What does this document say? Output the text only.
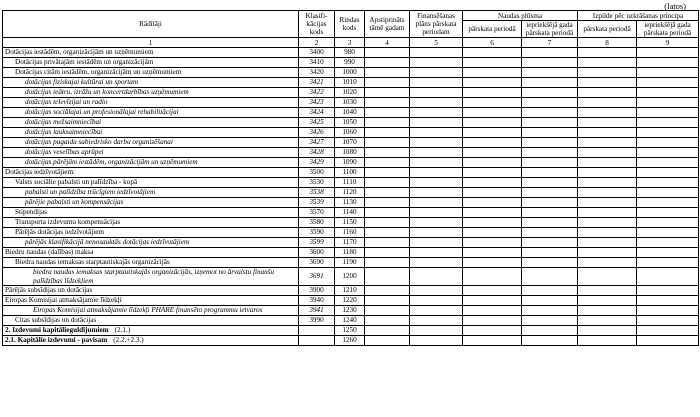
(latos)
Rādītāji	Klasifi-kācijas kods	Rindas kods	Apstiprināts tāmē gadam	Finansēšanas plāns pārskata periodam	Naudas plūsma		Izpilde pēc uzkrāšanas principa	
					pārskata periodā	iepriekšējā gada pārskata periodā	pārskata periodā	iepriekšējā gada pārskata periodā
1	2	3	4	5	6	7	8	9
Dotācijas iestādēm, organizācijām un uzņēmumiem	3400	980						
Dotācijas privātajām iestādēm un organizācijām	3410	990						
Dotācijas citām iestādēm, organizācijām un uzņēmumiem	3420	1000						
dotācijas fiziskajai kultūrai un sportam	3421	1010						
dotācijas teātru, izrāžu un koncertdarbības uzņēmumiem	3422	1020						
dotācijas televīzijai un radio	3423	1030						
dotācijas sociālajai un profesionālajai rehabilitācijai	3424	1040						
dotācijas mežsaimniecībai	3425	1050						
dotācijas lauksaimniecībai	3426	1060						
dotācijas pagaidu sabiedrisko darbu organizēšanai	3427	1070						
dotācijas veselības aprūpei	3428	1080						
dotācijas pārējām iestādēm, organizācijām un uzņēmumiem	3429	1090						
Dotācijas iedzīvotājiem:	3500	1100						
Valsts sociālie pabalsti un palīdzība - kopā	3530	1110						
pabalsti un palīdzība trūcīgiem iedzīvotājiem	3538	1120						
pārējie pabalsti un kompensācijas	3539	1130						
Stipendijas	3570	1140						
Transporta izdevumu kompensācijas	3580	1150						
Pārējās dotācijas iedzīvotājiem	3590	1160						
pārējās klasifikācijā nenosauktās dotācijas iedzīvotājiem	3599	1170						
Biedru naudas (dalības) maksa	3600	1180						
Biedra naudas iemaksas starptautiskajās organizācijās	3690	1190						
biedra naudas iemaksas starptautiskajās organizācijās, izņemot no ārvalstu finanšu palīdzības līdzekļiem	3691	1200						
Pārējās subsīdijas un dotācijas	3900	1210						
Eiropas Komisijai atmaksājamie līdzekļi	3940	1220						
Eiropas Komisijai atmaksājamie līdzekļi PHARE finansēto programmu ietvaros	3941	1230						
Citas subsīdijas un dotācijas	3990	1240						
2. Izdevumi kapitālieguldījumiem (2.1.)		1250						
2.1. Kapitālie izdevumi - pavisam (2.2.+2.3.)		1260						
